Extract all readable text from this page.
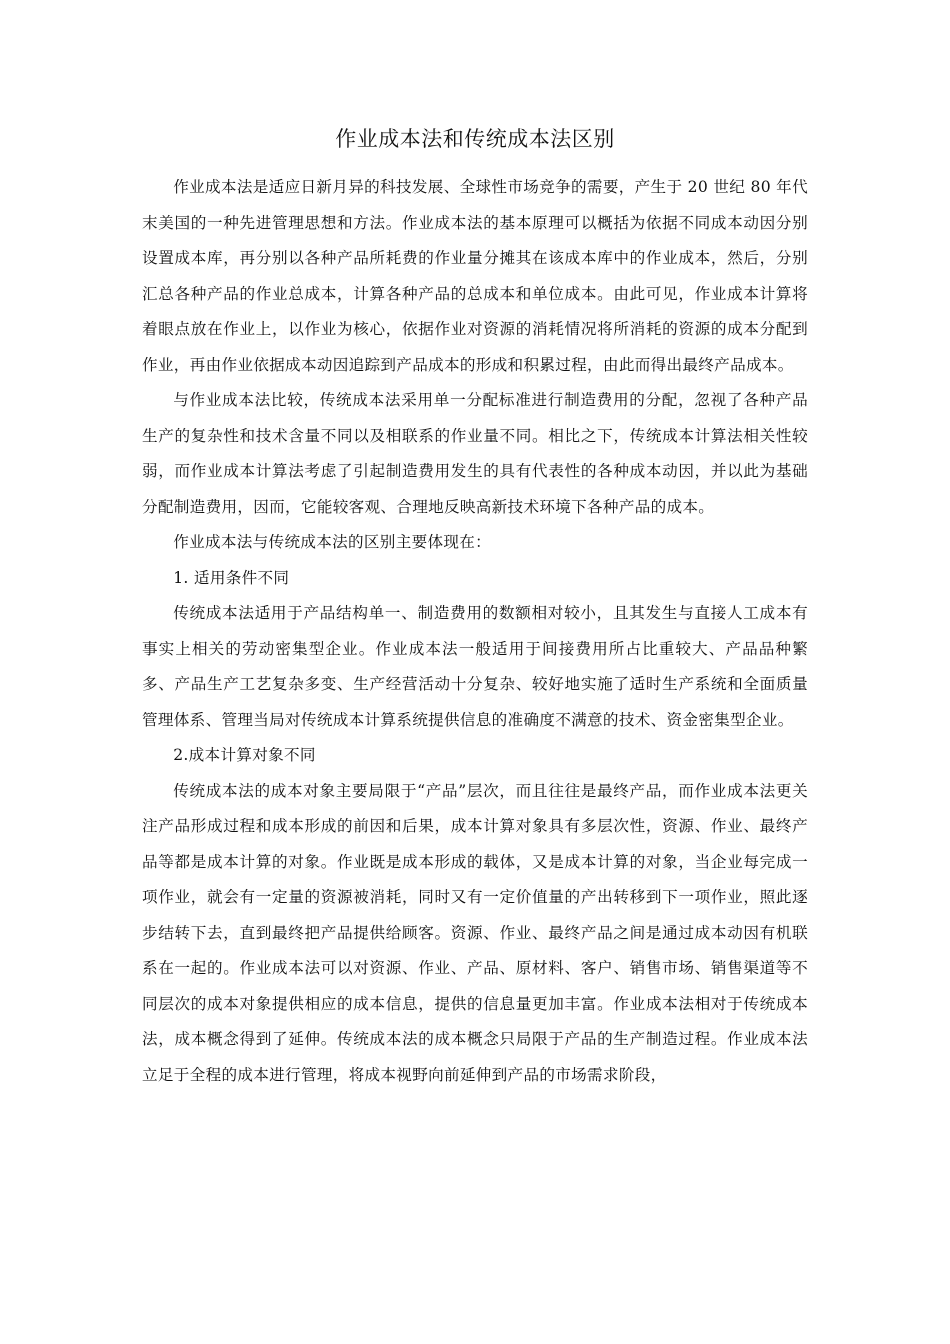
作业成本法和传统成本法区别

作业成本法是适应日新月异的科技发展、全球性市场竞争的需要，产生于 20 世纪 80 年代末美国的一种先进管理思想和方法。作业成本法的基本原理可以概括为依据不同成本动因分别设置成本库，再分别以各种产品所耗费的作业量分摊其在该成本库中的作业成本，然后，分别汇总各种产品的作业总成本，计算各种产品的总成本和单位成本。由此可见，作业成本计算将着眼点放在作业上，以作业为核心，依据作业对资源的消耗情况将所消耗的资源的成本分配到作业，再由作业依据成本动因追踪到产品成本的形成和积累过程，由此而得出最终产品成本。

与作业成本法比较，传统成本法采用单一分配标准进行制造费用的分配，忽视了各种产品生产的复杂性和技术含量不同以及相联系的作业量不同。相比之下，传统成本计算法相关性较弱，而作业成本计算法考虑了引起制造费用发生的具有代表性的各种成本动因，并以此为基础分配制造费用，因而，它能较客观、合理地反映高新技术环境下各种产品的成本。

作业成本法与传统成本法的区别主要体现在：

1. 适用条件不同

传统成本法适用于产品结构单一、制造费用的数额相对较小，且其发生与直接人工成本有事实上相关的劳动密集型企业。作业成本法一般适用于间接费用所占比重较大、产品品种繁多、产品生产工艺复杂多变、生产经营活动十分复杂、较好地实施了适时生产系统和全面质量管理体系、管理当局对传统成本计算系统提供信息的准确度不满意的技术、资金密集型企业。

2.成本计算对象不同

传统成本法的成本对象主要局限于“产品”层次，而且往往是最终产品，而作业成本法更关注产品形成过程和成本形成的前因和后果，成本计算对象具有多层次性，资源、作业、最终产品等都是成本计算的对象。作业既是成本形成的载体，又是成本计算的对象，当企业每完成一项作业，就会有一定量的资源被消耗，同时又有一定价值量的产出转移到下一项作业，照此逐步结转下去，直到最终把产品提供给顾客。资源、作业、最终产品之间是通过成本动因有机联系在一起的。作业成本法可以对资源、作业、产品、原材料、客户、销售市场、销售渠道等不同层次的成本对象提供相应的成本信息，提供的信息量更加丰富。作业成本法相对于传统成本法，成本概念得到了延伸。传统成本法的成本概念只局限于产品的生产制造过程。作业成本法立足于全程的成本进行管理，将成本视野向前延伸到产品的市场需求阶段，
